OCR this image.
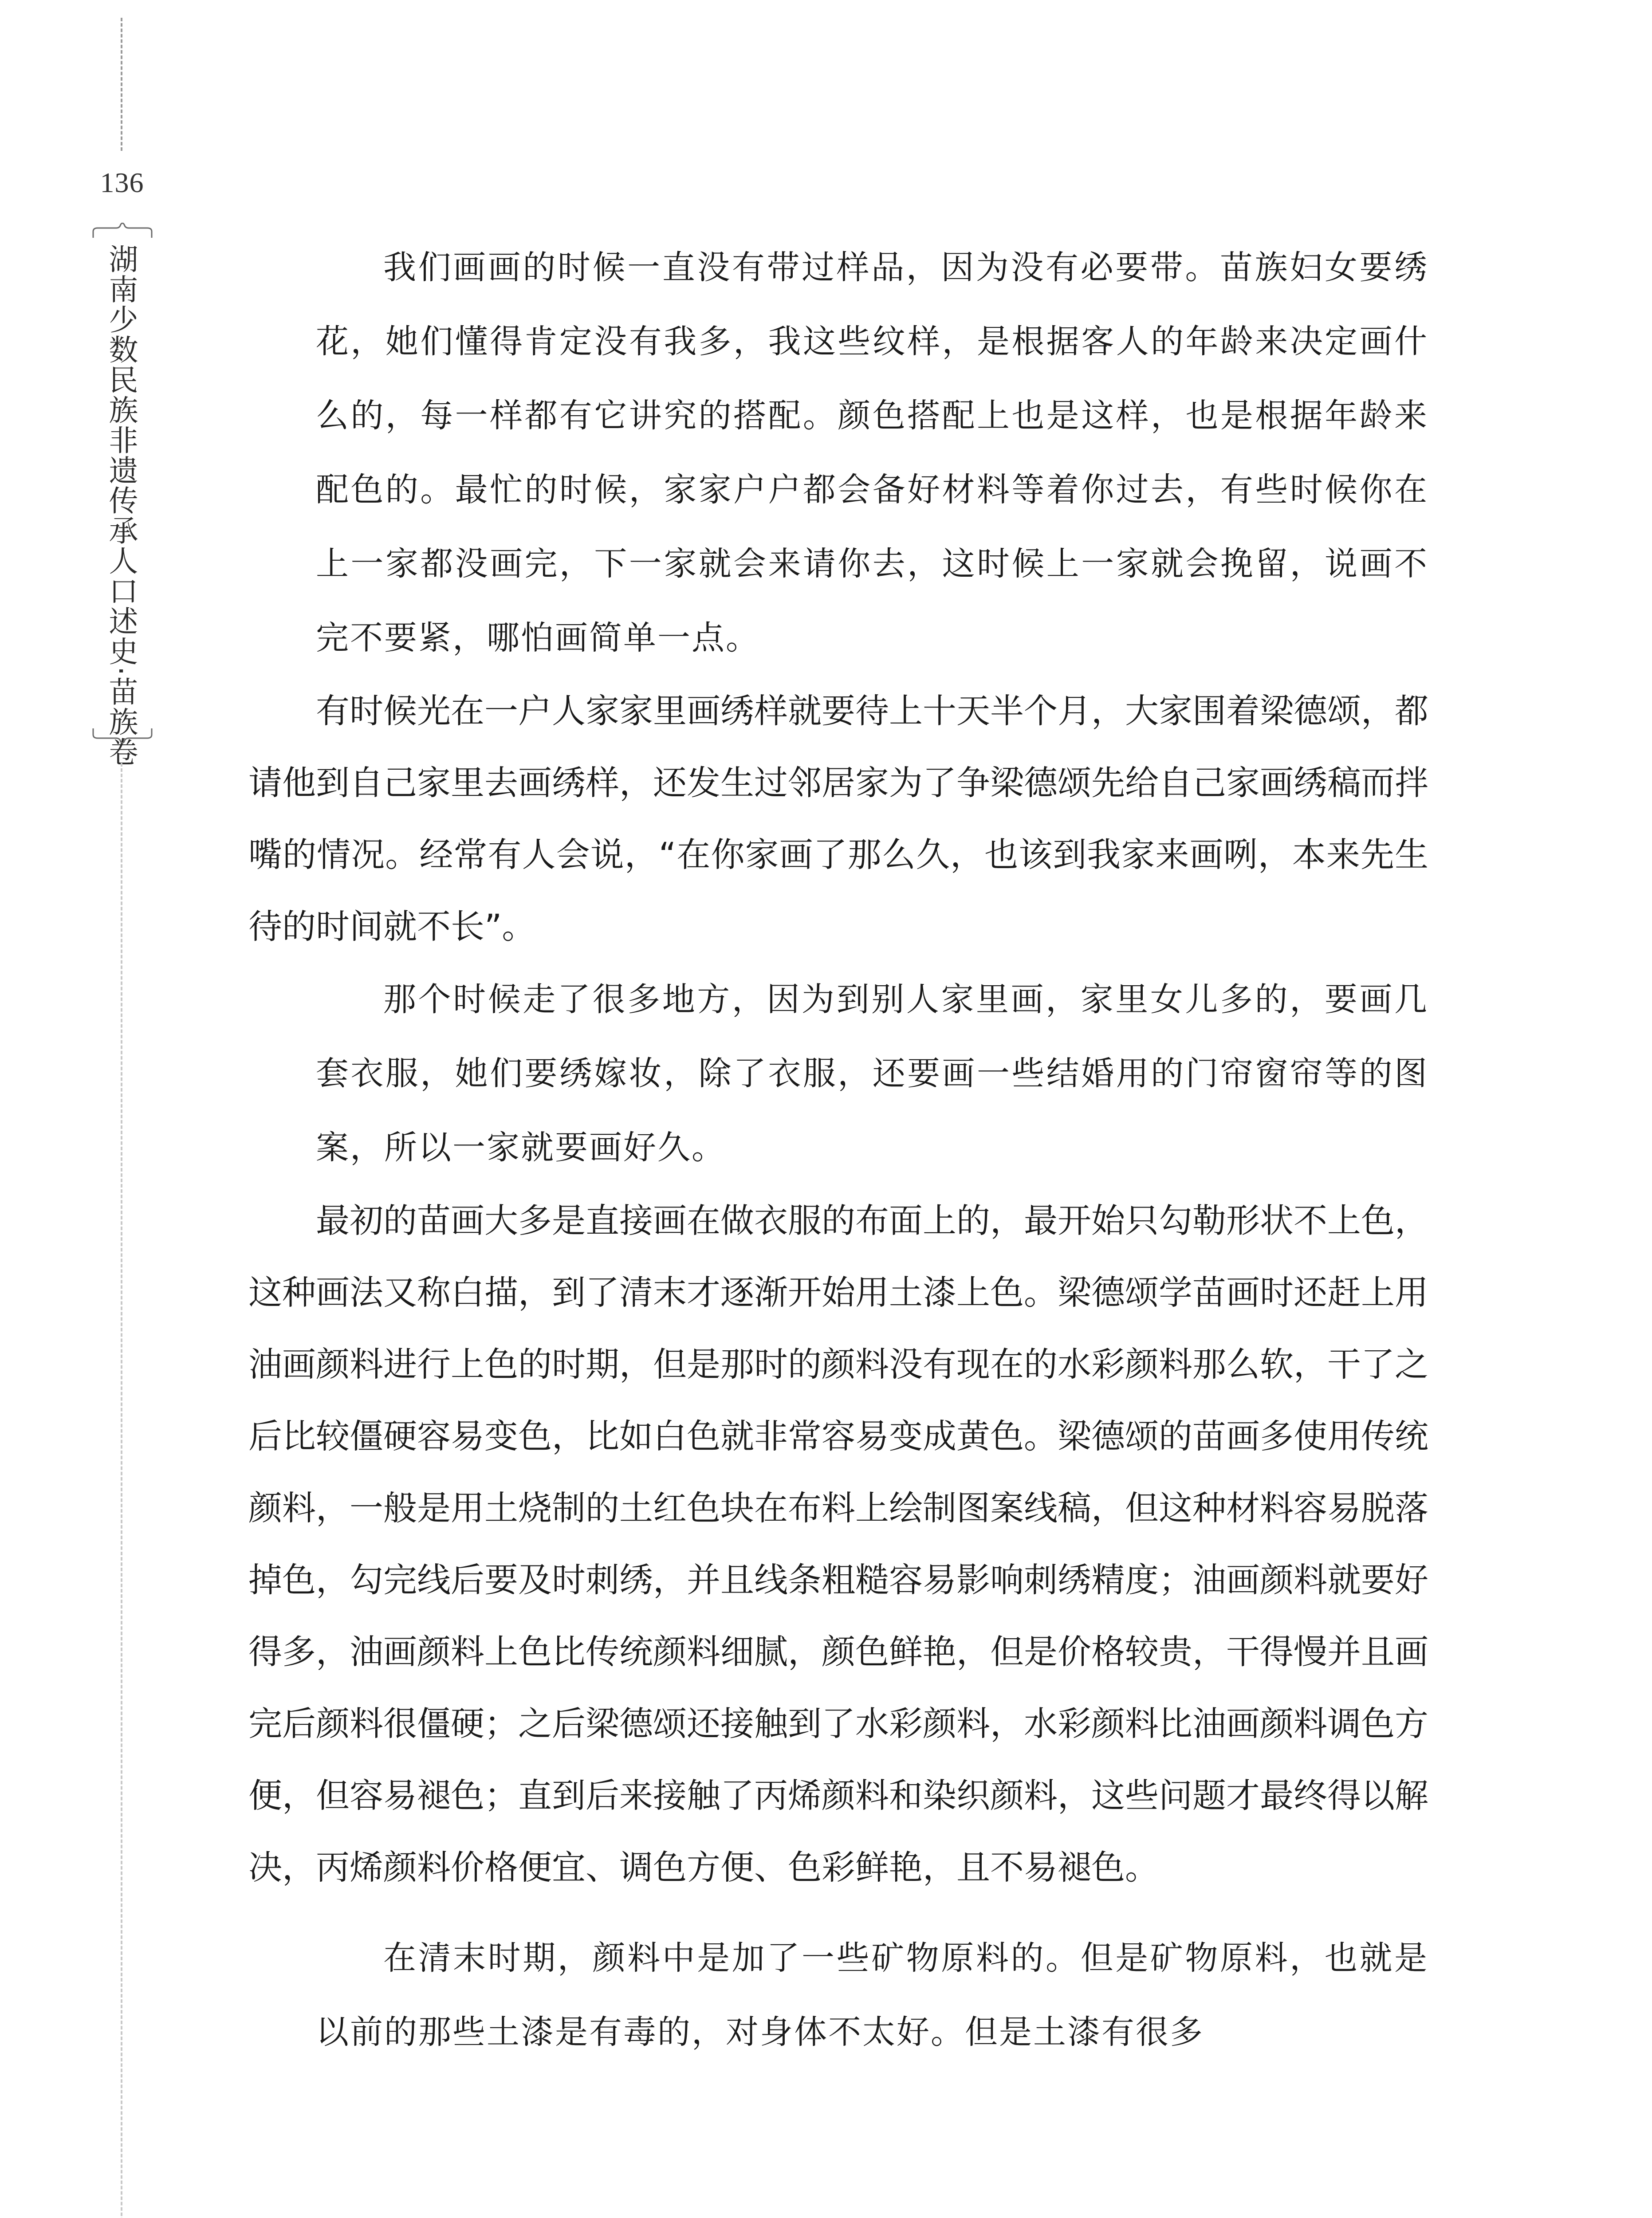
136
湖南少数民族非遗传承人口述史·苗族卷	我们画画的时候一直没有带过样品，因为没有必要带。苗族妇女要绣花，她们懂得肯定没有我多，我这些纹样，是根据客人的年龄来决定画什么的，每一样都有它讲究的搭配。颜色搭配上也是这样，也是根据年龄来配色的。最忙的时候，家家户户都会备好材料等着你过去，有些时候你在上一家都没画完，下一家就会来请你去，这时候上一家就会挽留，说画不完不要紧，哪怕画简单一点。

有时候光在一户人家家里画绣样就要待上十天半个月，大家围着梁德颂，都请他到自己家里去画绣样，还发生过邻居家为了争梁德颂先给自己家画绣稿而拌嘴的情况。经常有人会说，“在你家画了那么久，也该到我家来画咧，本来先生待的时间就不长”。

那个时候走了很多地方，因为到别人家里画，家里女儿多的，要画几套衣服，她们要绣嫁妆，除了衣服，还要画一些结婚用的门帘窗帘等的图案，所以一家就要画好久。

最初的苗画大多是直接画在做衣服的布面上的，最开始只勾勒形状不上色，这种画法又称白描，到了清末才逐渐开始用土漆上色。梁德颂学苗画时还赶上用油画颜料进行上色的时期，但是那时的颜料没有现在的水彩颜料那么软，干了之后比较僵硬容易变色，比如白色就非常容易变成黄色。梁德颂的苗画多使用传统颜料，一般是用土烧制的土红色块在布料上绘制图案线稿，但这种材料容易脱落掉色，勾完线后要及时刺绣，并且线条粗糙容易影响刺绣精度；油画颜料就要好得多，油画颜料上色比传统颜料细腻，颜色鲜艳，但是价格较贵，干得慢并且画完后颜料很僵硬；之后梁德颂还接触到了水彩颜料，水彩颜料比油画颜料调色方便，但容易褪色；直到后来接触了丙烯颜料和染织颜料，这些问题才最终得以解决，丙烯颜料价格便宜、调色方便、色彩鲜艳，且不易褪色。

在清末时期，颜料中是加了一些矿物原料的。但是矿物原料，也就是以前的那些土漆是有毒的，对身体不太好。但是土漆有很多
